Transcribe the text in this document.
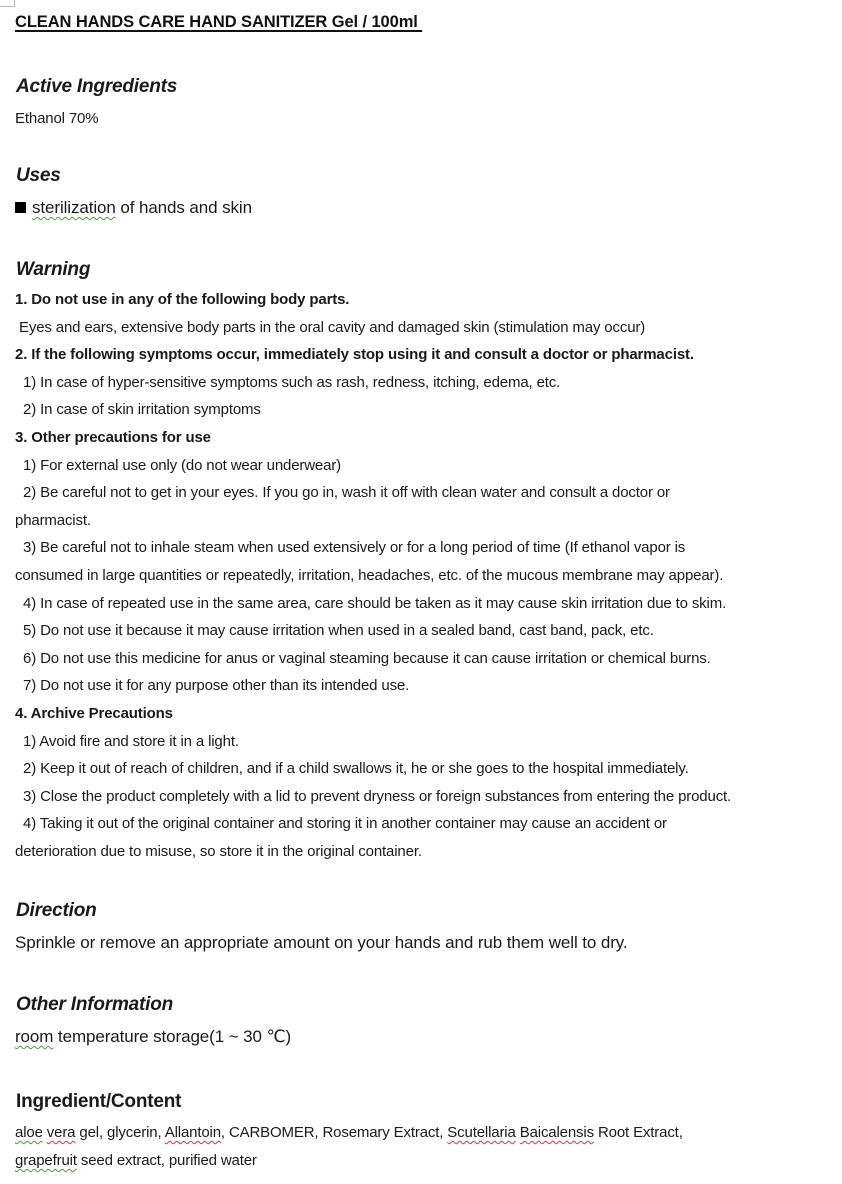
CLEAN HANDS CARE HAND SANITIZER Gel / 100ml
Active Ingredients
Ethanol 70%
Uses
sterilization of hands and skin
Warning
1. Do not use in any of the following body parts.
Eyes and ears, extensive body parts in the oral cavity and damaged skin (stimulation may occur)
2. If the following symptoms occur, immediately stop using it and consult a doctor or pharmacist.
1) In case of hyper-sensitive symptoms such as rash, redness, itching, edema, etc.
2) In case of skin irritation symptoms
3. Other precautions for use
1) For external use only (do not wear underwear)
2) Be careful not to get in your eyes. If you go in, wash it off with clean water and consult a doctor or
pharmacist.
3) Be careful not to inhale steam when used extensively or for a long period of time (If ethanol vapor is
consumed in large quantities or repeatedly, irritation, headaches, etc. of the mucous membrane may appear).
4) In case of repeated use in the same area, care should be taken as it may cause skin irritation due to skim.
5) Do not use it because it may cause irritation when used in a sealed band, cast band, pack, etc.
6) Do not use this medicine for anus or vaginal steaming because it can cause irritation or chemical burns.
7) Do not use it for any purpose other than its intended use.
4. Archive Precautions
1) Avoid fire and store it in a light.
2) Keep it out of reach of children, and if a child swallows it, he or she goes to the hospital immediately.
3) Close the product completely with a lid to prevent dryness or foreign substances from entering the product.
4) Taking it out of the original container and storing it in another container may cause an accident or
deterioration due to misuse, so store it in the original container.
Direction
Sprinkle or remove an appropriate amount on your hands and rub them well to dry.
Other Information
room temperature storage(1 ~ 30 ℃)
Ingredient/Content
aloe vera gel, glycerin, Allantoin, CARBOMER, Rosemary Extract, Scutellaria Baicalensis Root Extract,
grapefruit seed extract, purified water
